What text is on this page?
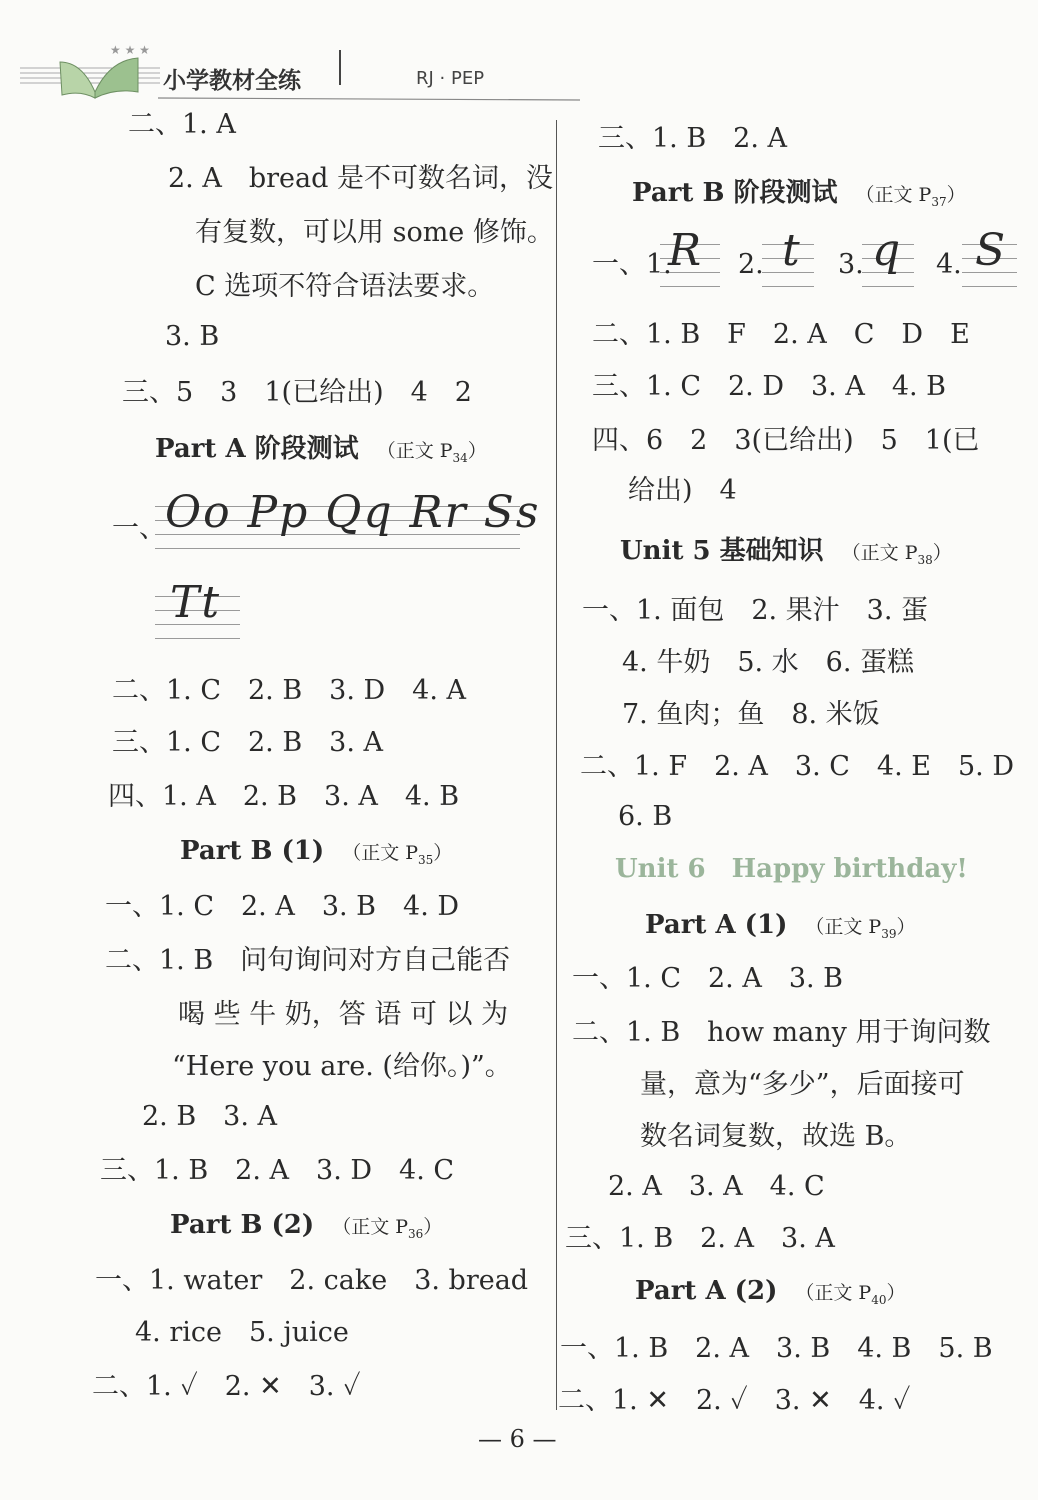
★ ★ ★
小学教材全练	RJ · PEP
二、1. A
2. A　bread 是不可数名词，没
有复数，可以用 some 修饰。
C 选项不符合语法要求。
3. B
三、5　3　1(已给出)　4　2
Part A 阶段测试 （正文 $P_{34}$）
一、 Oo Pp Qq Rr Ss
Tt
二、1. C　2. B　3. D　4. A
三、1. C　2. B　3. A
四、1. A　2. B　3. A　4. B
Part B (1) （正文 $P_{35}$）
一、1. C　2. A　3. B　4. D
二、1. B　问句询问对方自己能否
喝 些 牛 奶，答 语 可 以 为
“Here you are. (给你。)”。
2. B　3. A
三、1. B　2. A　3. D　4. C
Part B (2) （正文 $P_{36}$）
一、1. water　2. cake　3. bread
4. rice　5. juice
二、1. ✓　2. ✕　3. ✓
三、1. B　2. A
Part B 阶段测试 （正文 $P_{37}$）
一、1.
R 2. t 3. q 4. S
二、1. B　F　2. A　C　D　E
三、1. C　2. D　3. A　4. B
四、6　2　3(已给出)　5　1(已
给出)　4
Unit 5 基础知识 （正文 $P_{38}$）
一、1. 面包　2. 果汁　3. 蛋
4. 牛奶　5. 水　6. 蛋糕
7. 鱼肉；鱼　8. 米饭
二、1. F　2. A　3. C　4. E　5. D
6. B
Unit 6　Happy birthday!
Part A (1) （正文 $P_{39}$）
一、1. C　2. A　3. B
二、1. B　how many 用于询问数
量，意为“多少”，后面接可
数名词复数，故选 B。
2. A　3. A　4. C
三、1. B　2. A　3. A
Part A (2) （正文 $P_{40}$）
一、1. B　2. A　3. B　4. B　5. B
二、1. ✕　2. ✓　3. ✕　4. ✓
— 6 —
